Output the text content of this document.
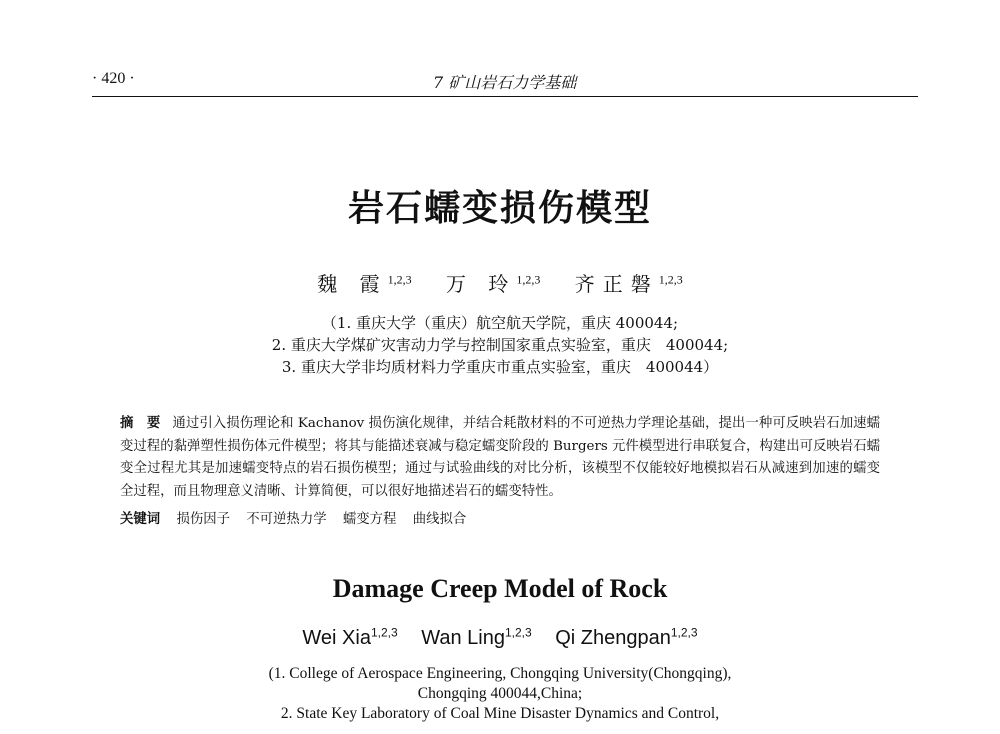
· 420 ·	7 矿山岩石力学基础
岩石蠕变损伤模型
魏 霞$^{1,2,3}$ 万 玲$^{1,2,3}$ 齐正磐$^{1,2,3}$
（1. 重庆大学（重庆）航空航天学院，重庆 400044;
2. 重庆大学煤矿灾害动力学与控制国家重点实验室，重庆　400044;
3. 重庆大学非均质材料力学重庆市重点实验室，重庆　400044）
摘　要 通过引入损伤理论和 Kachanov 损伤演化规律，并结合耗散材料的不可逆热力学理论基础，提出一种可反映岩石加速蠕变过程的黏弹塑性损伤体元件模型；将其与能描述衰减与稳定蠕变阶段的 Burgers 元件模型进行串联复合，构建出可反映岩石蠕变全过程尤其是加速蠕变特点的岩石损伤模型；通过与试验曲线的对比分析，该模型不仅能较好地模拟岩石从减速到加速的蠕变全过程，而且物理意义清晰、计算简便，可以很好地描述岩石的蠕变特性。
关键词 损伤因子 不可逆热力学 蠕变方程 曲线拟合
Damage Creep Model of Rock
Wei Xia$^{1,2,3}$ Wan Ling$^{1,2,3}$ Qi Zhengpan$^{1,2,3}$
(1. College of Aerospace Engineering, Chongqing University(Chongqing),
Chongqing 400044,China;
2. State Key Laboratory of Coal Mine Disaster Dynamics and Control,
